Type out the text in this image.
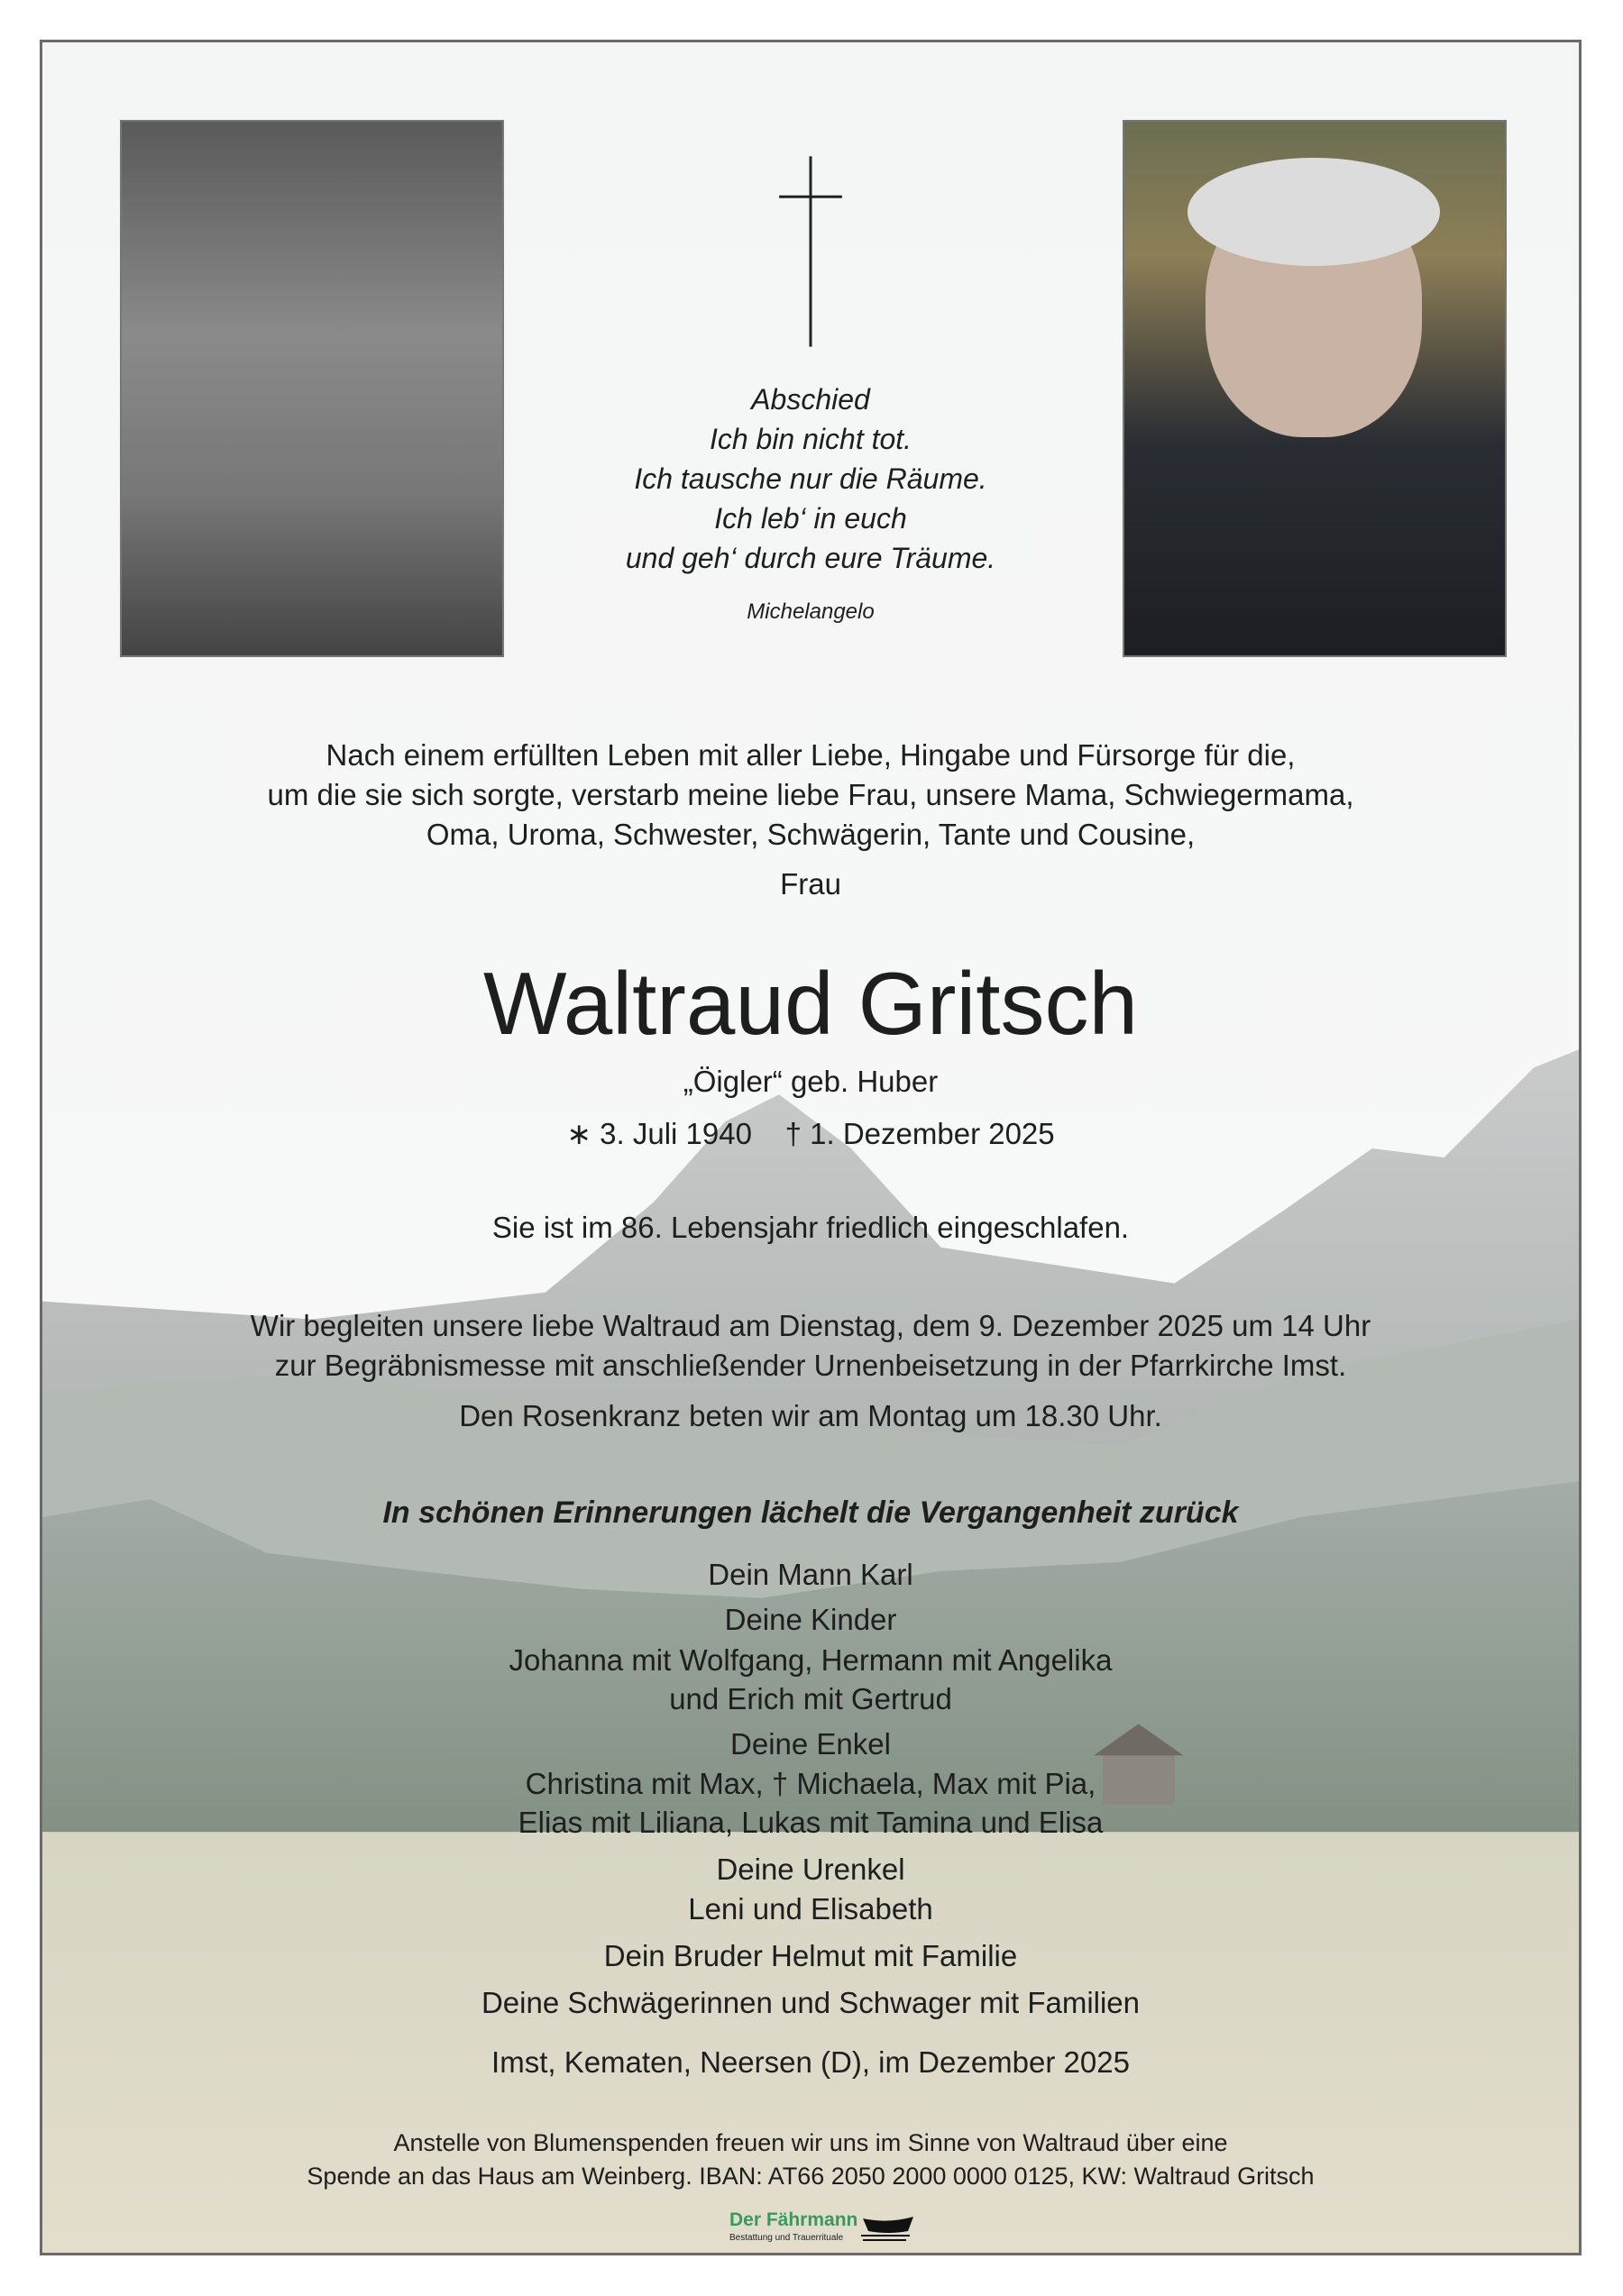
Abschied
Ich bin nicht tot.
Ich tausche nur die Räume.
Ich leb‘ in euch
und geh‘ durch eure Träume.
Michelangelo
Nach einem erfüllten Leben mit aller Liebe, Hingabe und Fürsorge für die,
um die sie sich sorgte, verstarb meine liebe Frau, unsere Mama, Schwiegermama,
Oma, Uroma, Schwester, Schwägerin, Tante und Cousine,
Frau
Waltraud Gritsch
„Öigler“ geb. Huber
∗ 3. Juli 1940    † 1. Dezember 2025
Sie ist im 86. Lebensjahr friedlich eingeschlafen.
Wir begleiten unsere liebe Waltraud am Dienstag, dem 9. Dezember 2025 um 14 Uhr
zur Begräbnismesse mit anschließender Urnenbeisetzung in der Pfarrkirche Imst.
Den Rosenkranz beten wir am Montag um 18.30 Uhr.
In schönen Erinnerungen lächelt die Vergangenheit zurück
Dein Mann Karl
Deine Kinder
Johanna mit Wolfgang, Hermann mit Angelika
und Erich mit Gertrud
Deine Enkel
Christina mit Max, † Michaela, Max mit Pia,
Elias mit Liliana, Lukas mit Tamina und Elisa
Deine Urenkel
Leni und Elisabeth
Dein Bruder Helmut mit Familie
Deine Schwägerinnen und Schwager mit Familien
Imst, Kematen, Neersen (D), im Dezember 2025
Anstelle von Blumenspenden freuen wir uns im Sinne von Waltraud über eine
Spende an das Haus am Weinberg. IBAN: AT66 2050 2000 0000 0125, KW: Waltraud Gritsch
Der Fährmann
Bestattung und Trauerrituale
